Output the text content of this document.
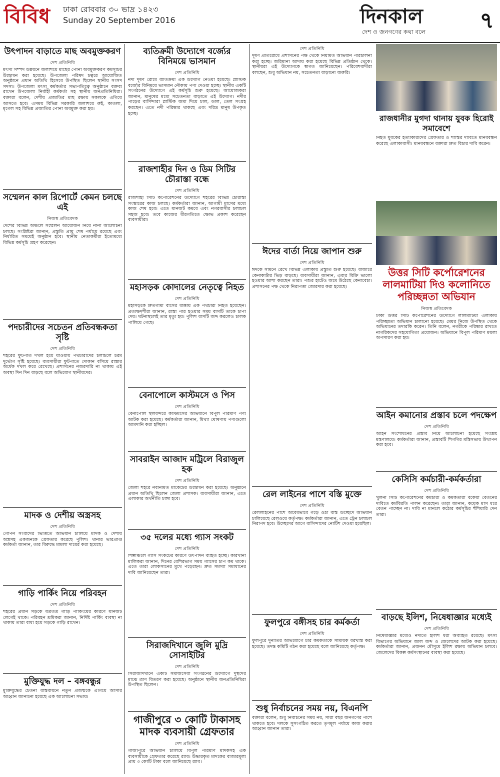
বিবিধ ঢাকা রোববার ৩০ ভাদ্র ১৪২৩
Sunday 20 September 2016	দিনকাল
দেশ ও জনগণের কথা বলে ৭
উৎপাদন বাড়াতে মাছ অবমুক্তকরণ
দেশ প্রতিনিধি
মৎস্য সম্পদ উন্নয়নে জলাশয়ে মাছের পোনা অবমুক্তকরণ কর্মসূচির উদ্বোধন করা হয়েছে। উপজেলা পরিষদ চত্বরে আয়োজিত অনুষ্ঠানে প্রধান অতিথি হিসেবে উপস্থিত ছিলেন স্থানীয় সংসদ সদস্য। উপজেলা মৎস্য কর্মকর্তার সভাপতিত্বে অনুষ্ঠানে বক্তব্য রাখেন উপজেলা নির্বাহী কর্মকর্তা সহ স্থানীয় জনপ্রতিনিধিরা। বক্তারা বলেন, দেশীয় প্রজাতির মাছ রক্ষায় সকলকে এগিয়ে আসতে হবে। এসময় বিভিন্ন সরকারি জলাশয়ে রুই, কাতলা, মৃগেল সহ বিভিন্ন প্রজাতির পোনা অবমুক্ত করা হয়।
সম্মেলন কাল রিপোর্টে কেমন চলছে এই
নিজস্ব প্রতিবেদক
দেশের বিভিন্ন অঞ্চলে সম্মেলন আয়োজন নিয়ে নানা আলোচনা চলছে। সংশ্লিষ্টরা জানান, প্রস্তুতি প্রায় শেষ পর্যায়ে রয়েছে এবং নির্ধারিত সময়েই অনুষ্ঠান হবে। স্থানীয় নেতাকর্মীরা ইতোমধ্যে বিভিন্ন কর্মসূচি গ্রহণ করেছেন।
পদচারীদের সচেতন প্রতিবন্ধকতা সৃষ্টি
দেশ প্রতিনিধি
শহরের ফুটপাত দখল হয়ে যাওয়ায় পথচারীদের চলাচলে চরম দুর্ভোগ সৃষ্টি হয়েছে। ব্যবসায়ীরা ফুটপাতে দোকান বসিয়ে রাস্তার অর্ধেক দখল করে রেখেছে। প্রশাসনের নজরদারি না থাকায় এই অবস্থা দিন দিন বাড়ছে বলে অভিযোগ স্থানীয়দের।
মাদক ও দেশীয় অস্ত্রসহ
দেশ প্রতিনিধি
গোপন সংবাদের ভিত্তিতে অভিযান চালিয়ে মাদক ও দেশীয় অস্ত্রসহ একজনকে গ্রেফতার করেছে পুলিশ। থানার ভারপ্রাপ্ত কর্মকর্তা জানান, তার বিরুদ্ধে মামলা দায়ের করা হয়েছে।
গাড়ি পার্কিং নিয়ে পরিবহন
দেশ প্রতিনিধি
শহরের প্রধান সড়কে যত্রতত্র গাড়ি পার্কিংয়ের কারণে যানজট লেগেই থাকে। পরিবহন শ্রমিকরা জানান, নির্দিষ্ট পার্কিং ব্যবস্থা না থাকায় তারা বাধ্য হয়ে সড়কে গাড়ি রাখেন।
মুক্তিযুদ্ধ দল – বঙ্গবন্ধুর
মুক্তিযুদ্ধের চেতনা বাস্তবায়নে নতুন প্রজন্মকে এগিয়ে আসার আহ্বান জানানো হয়েছে এক আলোচনা সভায়।
ব্যতিক্রমী উদ্যোগে বর্জ্যের বিনিময়ে ভাসমান
দেশ প্রতিনিধি
নদী দূষণ রোধে ব্যতিক্রমী এক উদ্যোগ নেওয়া হয়েছে। প্লাস্টিক বর্জ্যের বিনিময়ে ভাসমান নৌকায় পণ্য দেওয়া হচ্ছে। স্থানীয় একটি সংগঠনের উদ্যোগে এই কর্মসূচি শুরু হয়েছে। আয়োজকরা জানান, মানুষের মধ্যে সচেতনতা বাড়াতে এই উদ্যোগ। নদীর পাড়ের বাসিন্দারা প্লাস্টিক জমা দিয়ে চাল, ডাল, তেল সংগ্রহ করছেন। এতে নদী পরিষ্কার থাকছে এবং দরিদ্র মানুষ উপকৃত হচ্ছে।
রাজশাহীর দিন ও ডিম সিটির চৌরাস্তা বন্ধে
দেশ প্রতিনিধি
রাজশাহী সিটি কর্পোরেশনের উদ্যোগে শহরের বিভিন্ন চৌরাস্তা সংস্কারের কাজ চলছে। কর্মকর্তারা জানান, আগামী মাসের মধ্যে কাজ শেষ হবে। এতে যানজট কমবে এবং নগরবাসীর চলাচল সহজ হবে। তবে কাজের ধীরগতিতে ক্ষোভ প্রকাশ করেছেন ব্যবসায়ীরা।
মহাসড়ক কোদালের নেতৃত্বে নিহত
দেশ প্রতিনিধি
মহাসড়কে দ্রুতগামী বাসের ধাক্কায় এক পথচারী নিহত হয়েছেন। প্রত্যক্ষদর্শীরা জানান, রাস্তা পার হওয়ার সময় বাসটি তাকে চাপা দেয়। ঘটনাস্থলেই তার মৃত্যু হয়। পুলিশ বাসটি জব্দ করলেও চালক পালিয়ে গেছে।
বেনাপোলে কাস্টমসে ও পিস
দেশ প্রতিনিধি
বেনাপোল স্থলবন্দরে কাস্টমসের অভিযানে বিপুল পরিমাণ পণ্য আটক করা হয়েছে। কর্মকর্তারা জানান, মিথ্যা ঘোষণায় পণ্যগুলো আমদানি করা হচ্ছিল।
সাবরাইন আজাদ মট্রিলে বিরাজুল হক
দেশ প্রতিনিধি
জেলা শহরে নবনির্মিত মার্কেটের উদ্বোধন করা হয়েছে। অনুষ্ঠানে প্রধান অতিথি ছিলেন জেলা প্রশাসক। ব্যবসায়ীরা জানান, এতে এলাকার অর্থনীতি চাঙ্গা হবে।
৩৫ দলের মধ্যে গ্যাস সংকট
দেশ প্রতিনিধি
শিল্পাঞ্চলে গ্যাস সংকটের কারণে উৎপাদন ব্যাহত হচ্ছে। কারখানা মালিকরা জানান, দিনের বেশিরভাগ সময় গ্যাসের চাপ কম থাকে। এতে তারা লোকসানের মুখে পড়েছেন। দ্রুত সমস্যা সমাধানের দাবি জানিয়েছেন তারা।
সিরাজদিখানে জুলি মুদ্রি সোসাইটির
দেশ প্রতিনিধি
সিরাজদিখানে একটি সমাজসেবা সংগঠনের উদ্যোগে দুস্থদের মাঝে ত্রাণ বিতরণ করা হয়েছে। অনুষ্ঠানে স্থানীয় জনপ্রতিনিধিরা উপস্থিত ছিলেন।
গাজীপুরে ৩ কোটি টাকাসহ মাদক ব্যবসায়ী গ্রেফতার
দেশ প্রতিনিধি
গাজীপুরে অভিযান চালিয়ে বিপুল পরিমাণ মাদকসহ এক ব্যবসায়ীকে গ্রেফতার করেছে র‍্যাব। উদ্ধারকৃত মাদকের বাজারমূল্য প্রায় ৩ কোটি টাকা বলে জানিয়েছে র‍্যাব।
দেশ প্রতিনিধি
দূষণ প্রতিরোধে প্রশাসনের পক্ষ থেকে নিয়মিত অভিযান পরিচালনা করা হচ্ছে। জরিমানা আদায় করা হয়েছে বিভিন্ন প্রতিষ্ঠান থেকে। স্থানীয়রা এই উদ্যোগকে স্বাগত জানিয়েছেন। পরিবেশবাদীরা বলছেন, শুধু অভিযান নয়, সচেতনতা বাড়ানো জরুরি।
ঈদের বার্তা নিয়ে জাপান শুরু
দেশ প্রতিনিধি
ঈদকে সামনে রেখে বিভিন্ন এলাকায় প্রস্তুতি শুরু হয়েছে। বাজারে কেনাকাটার ভিড় বাড়ছে। ব্যবসায়ীরা জানান, এবার বিক্রি ভালো হওয়ার আশা করছেন তারা। পশুর হাটেও জমে উঠেছে কেনাবেচা। প্রশাসনের পক্ষ থেকে নিরাপত্তা জোরদার করা হয়েছে।
রেল লাইনের পাশে বস্তি মুক্তে
দেশ প্রতিনিধি
রেললাইনের পাশে অবৈধভাবে গড়ে ওঠা বস্তি উচ্ছেদে অভিযান চালিয়েছে রেলওয়ে কর্তৃপক্ষ। কর্মকর্তারা জানান, এতে ট্রেন চলাচল নিরাপদ হবে। উচ্ছেদের আগে বাসিন্দাদের নোটিশ দেওয়া হয়েছিল।
ফুলপুরে বঙ্গীসহ চার কর্মকর্তা
দেশ প্রতিনিধি
ফুলপুরে দুর্নীতির অভিযোগে চার কর্মকর্তাকে সাময়িক বরখাস্ত করা হয়েছে। তদন্ত কমিটি গঠন করা হয়েছে বলে জানিয়েছে কর্তৃপক্ষ।
শুধু নির্বাচনের সময় নয়, বিএনপি
বক্তারা বলেন, শুধু নির্বাচনের সময় নয়, সারা বছর জনগণের পাশে থাকতে হবে। দলকে সুসংগঠিত করতে তৃণমূল পর্যায়ে কাজ করার আহ্বান জানান তারা।
রাজধানীর মুগদা থানায় যুবক হিরোই সমাবেশে
নিহত যুবকের হত্যাকারীদের গ্রেফতার ও শাস্তির দাবিতে মানববন্ধন করেছে এলাকাবাসী। মানববন্ধনে বক্তারা দ্রুত বিচার দাবি করেন।
উত্তর সিটি কর্পোরেশনের লালমাটিয়া দিও কলোনিতে পরিচ্ছন্নতা অভিযান
নিজস্ব প্রতিবেদক
ঢাকা উত্তর সিটি কর্পোরেশনের উদ্যোগে লালমাটিয়া এলাকায় পরিচ্ছন্নতা অভিযান চালানো হয়েছে। মেয়র নিজে উপস্থিত থেকে অভিযানের তদারকি করেন। তিনি বলেন, নগরীকে পরিষ্কার রাখতে নাগরিকদের সহযোগিতা প্রয়োজন। অভিযানে বিপুল পরিমাণ ময়লা অপসারণ করা হয়।
আইন কমানোর প্রস্তাব চলে পদক্ষেপ
দেশ প্রতিনিধি
আইন সংশোধনের প্রস্তাব নিয়ে আলোচনা হয়েছে সংশ্লিষ্ট মন্ত্রণালয়ে। কর্মকর্তারা জানান, প্রস্তাবটি শিগগির মন্ত্রিসভায় উত্থাপন করা হবে।
কেসিসি কর্মচারী-কর্মকর্তারা
দেশ প্রতিনিধি
খুলনা সিটি কর্পোরেশনের কর্মচারী ও কর্মকর্তারা বকেয়া বেতনের দাবিতে কর্মবিরতি পালন করেছেন। তারা জানান, কয়েক মাস ধরে বেতন পাচ্ছেন না। দাবি না মানলে কঠোর কর্মসূচির হুঁশিয়ারি দেন তারা।
বাড়ছে ইলিশ, নিষেধাজ্ঞার মধ্যেই
দেশ প্রতিনিধি
নিষেধাজ্ঞার মধ্যেও নদীতে ইলিশ ধরা অব্যাহত রয়েছে। মৎস্য বিভাগের অভিযানে জাল জব্দ ও জেলেদের আটক করা হয়েছে। কর্মকর্তারা জানান, প্রজনন মৌসুমে ইলিশ রক্ষায় অভিযান চলবে। জেলেদের বিকল্প কর্মসংস্থানের ব্যবস্থা করা হয়েছে।
